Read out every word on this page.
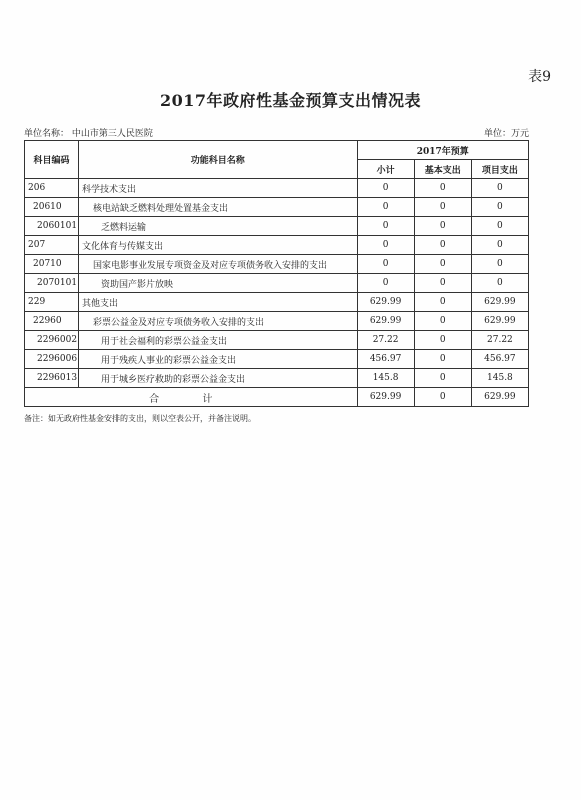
表9
2017年政府性基金预算支出情况表
单位名称： 中山市第三人民医院	单位：万元
科目编码	功能科目名称	2017年预算		
		小计	基本支出	项目支出
206	科学技术支出	0	0	0
20610	核电站缺乏燃料处理处置基金支出	0	0	0
2060101	乏燃料运输	0	0	0
207	文化体育与传媒支出	0	0	0
20710	国家电影事业发展专项资金及对应专项债务收入安排的支出	0	0	0
2070101	资助国产影片放映	0	0	0
229	其他支出	629.99	0	629.99
22960	彩票公益金及对应专项债务收入安排的支出	629.99	0	629.99
2296002	用于社会福利的彩票公益金支出	27.22	0	27.22
2296006	用于残疾人事业的彩票公益金支出	456.97	0	456.97
2296013	用于城乡医疗救助的彩票公益金支出	145.8	0	145.8
合 计		629.99	0	629.99
备注：如无政府性基金安排的支出，则以空表公开，并备注说明。
